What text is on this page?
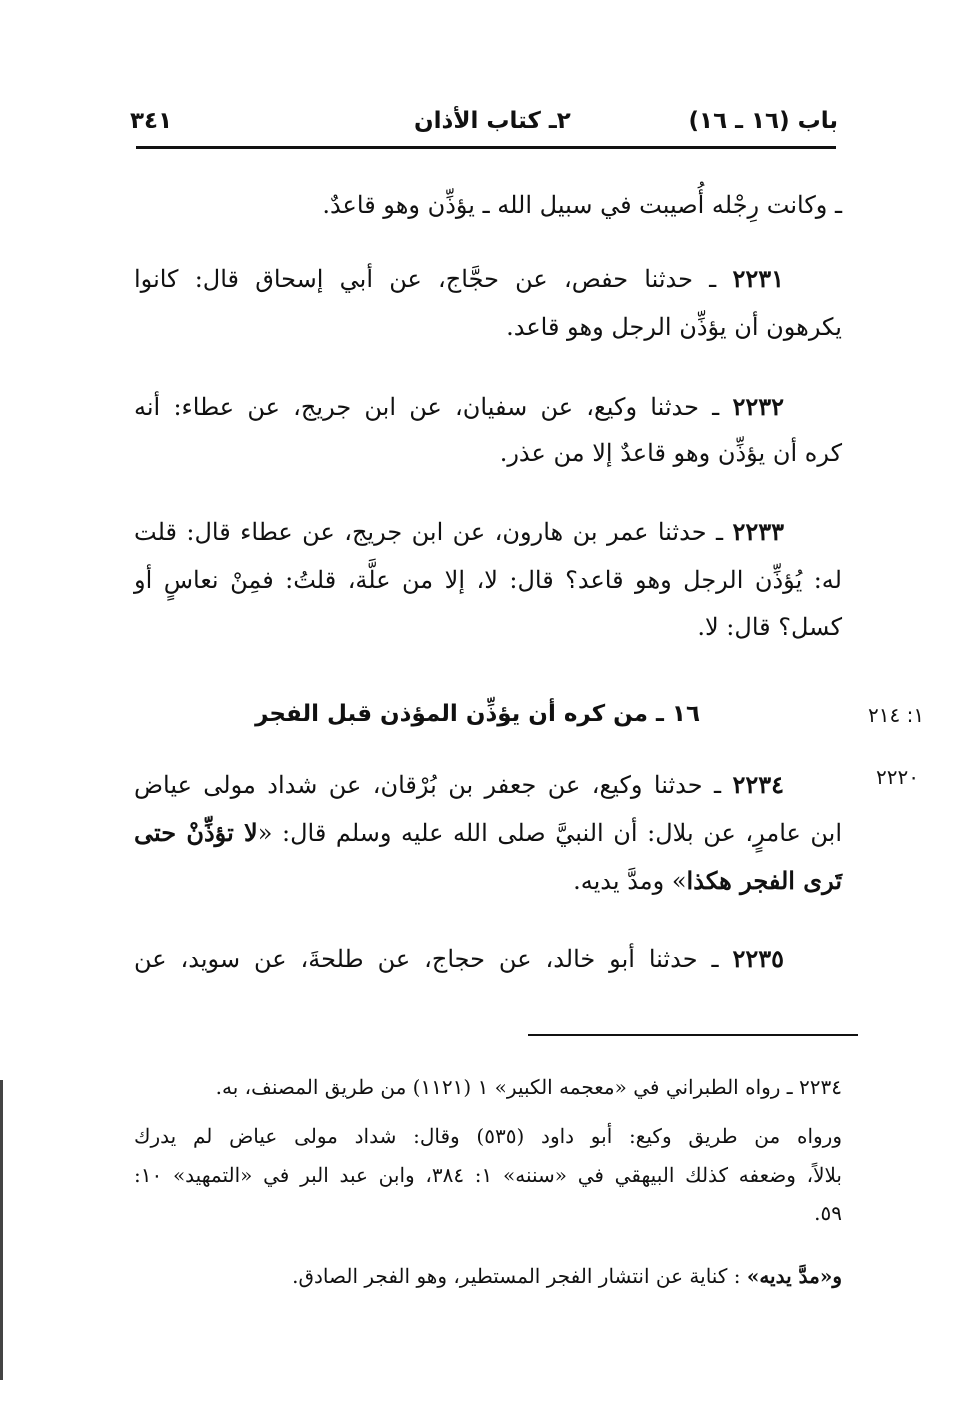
باب (١٦ ـ ١٦)
٢ـ كتاب الأذان
٣٤١
ـ وكانت رِجْله أُصيبت في سبيل الله ـ يؤذِّن وهو قاعدٌ.
٢٢٣١ ـ حدثنا حفص، عن حجَّاج، عن أبي إسحاق قال: كانوا
يكرهون أن يؤذِّن الرجل وهو قاعد.
٢٢٣٢ ـ حدثنا وكيع، عن سفيان، عن ابن جريج، عن عطاء: أنه
كره أن يؤذِّن وهو قاعدٌ إلا من عذر.
٢٢٣٣ ـ حدثنا عمر بن هارون، عن ابن جريج، عن عطاء قال: قلت
له: يُؤذِّن الرجل وهو قاعد؟ قال: لا، إلا من علَّة، قلتُ: فمِنْ نعاسٍ أو
كسل؟ قال: لا.
١٦ ـ من كره أن يؤذِّن المؤذن قبل الفجر	١: ٢١٤
٢٢٢٠
٢٢٣٤ ـ حدثنا وكيع، عن جعفر بن بُرْقان، عن شداد مولى عياض
ابن عامرٍ، عن بلال: أن النبيَّ صلى الله عليه وسلم قال: «لا تؤذِّنْ حتى
تَرى الفجر هكذا» ومدَّ يديه.
٢٢٣٥ ـ حدثنا أبو خالد، عن حجاج، عن طلحةَ، عن سويد، عن
٢٢٣٤ ـ رواه الطبراني في «معجمه الكبير» ١ (١١٢١) من طريق المصنف، به.
ورواه من طريق وكيع: أبو داود (٥٣٥) وقال: شداد مولى عياض لم يدرك
بلالاً، وضعفه كذلك البيهقي في «سننه» ١: ٣٨٤، وابن عبد البر في «التمهيد» ١٠:
٥٩.
و«مدَّ يديه» : كناية عن انتشار الفجر المستطير، وهو الفجر الصادق.
